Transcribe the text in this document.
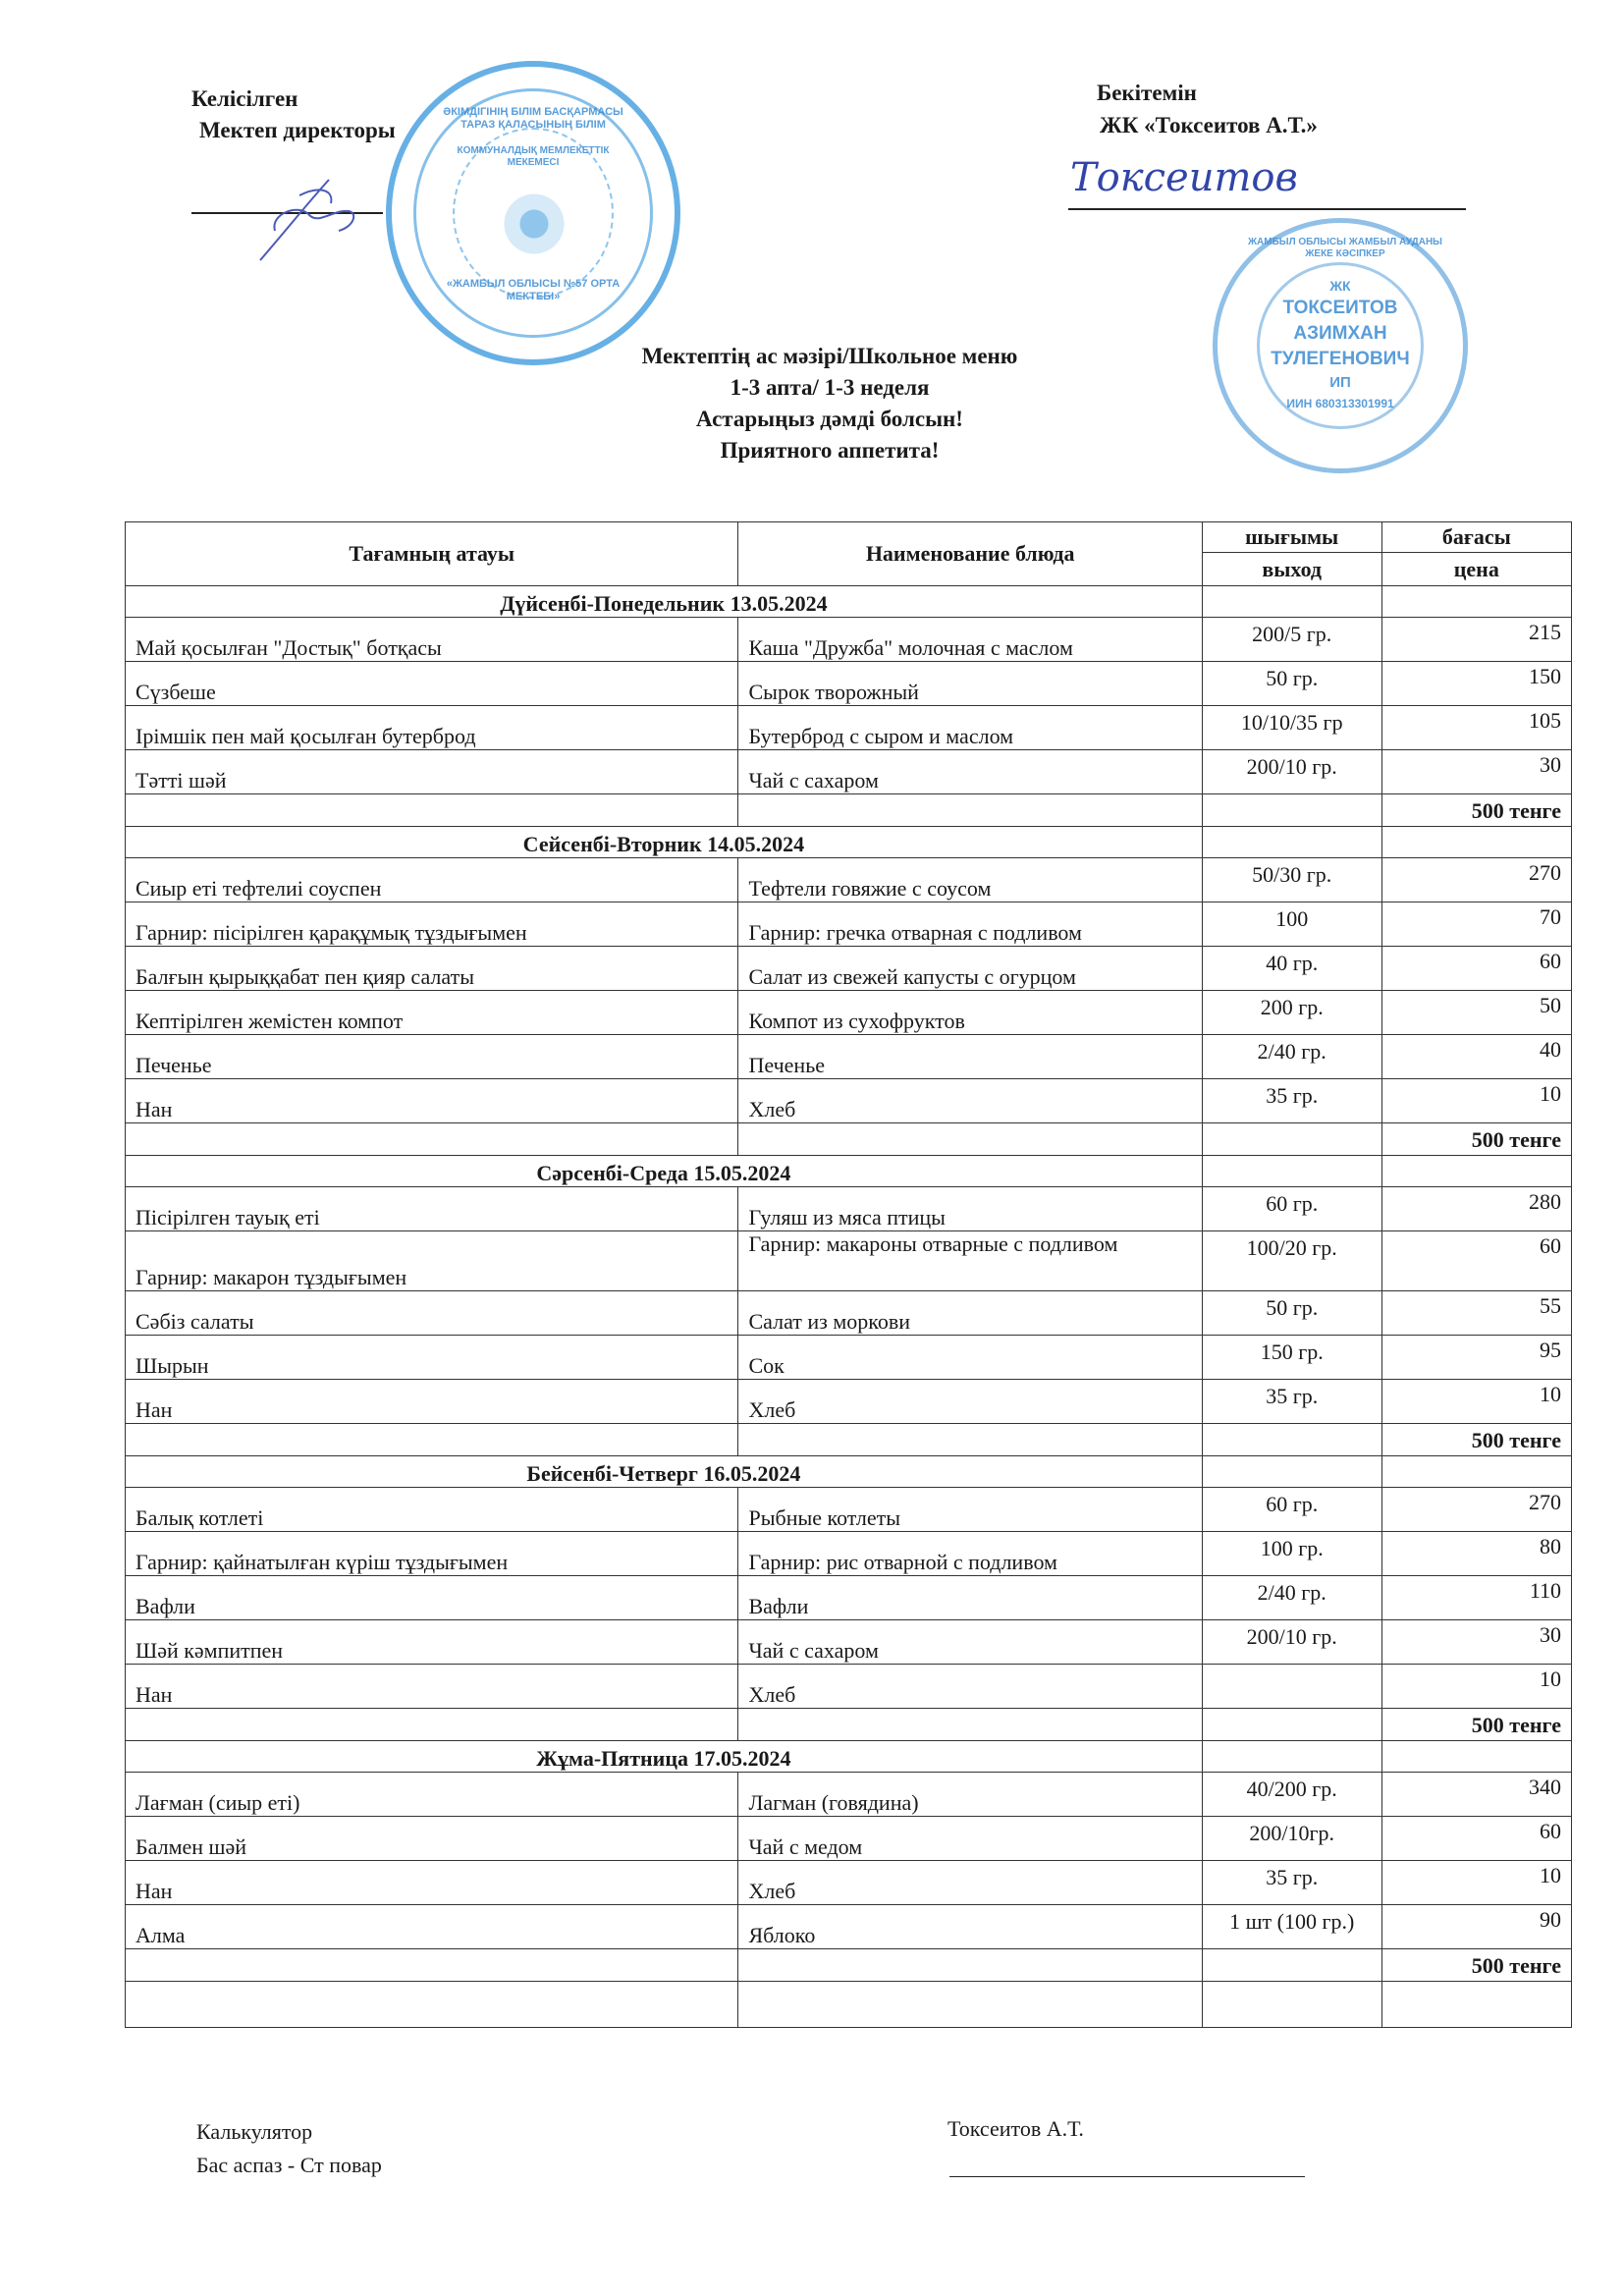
Келісілген
Мектеп директоры
ӘКІМДІГІНІҢ БІЛІМ БАСҚАРМАСЫ ТАРАЗ ҚАЛАСЫНЫҢ БІЛІМ
КОММУНАЛДЫҚ МЕМЛЕКЕТТІК МЕКЕМЕСІ
«ЖАМБЫЛ ОБЛЫСЫ №57 ОРТА МЕКТЕБІ»
Бекітемін
ЖК «Токсеитов А.Т.»
Токсеитов
ЖАМБЫЛ ОБЛЫСЫ ЖАМБЫЛ АУДАНЫ ЖЕКЕ КӘСІПКЕР
ЖК
ТОКСЕИТОВ
АЗИМХАН
ТУЛЕГЕНОВИЧ
ИП
ИИН 680313301991
Мектептің ас мәзірі/Школьное меню
1-3 апта/ 1-3 неделя
Астарыңыз дәмді болсын!
Приятного аппетита!
Тағамның атауы	Наименование блюда	шығымы	бағасы
		выход	цена
Дүйсенбі-Понедельник 13.05.2024			
Май қосылған "Достық" ботқасы	Каша "Дружба" молочная с маслом	200/5 гр.	215
Сүзбеше	Сырок творожный	50 гр.	150
Ірімшік пен май қосылған бутерброд	Бутерброд с сыром и маслом	10/10/35 гр	105
Тәтті шәй	Чай с сахаром	200/10 гр.	30
			500 тенге
Сейсенбі-Вторник 14.05.2024			
Сиыр еті тефтелиі соуспен	Тефтели говяжие с соусом	50/30 гр.	270
Гарнир: пісірілген қарақұмық тұздығымен	Гарнир: гречка отварная с подливом	100	70
Балғын қырыққабат пен қияр салаты	Салат из свежей капусты с огурцом	40 гр.	60
Кептірілген жемістен компот	Компот из сухофруктов	200 гр.	50
Печенье	Печенье	2/40 гр.	40
Нан	Хлеб	35 гр.	10
			500 тенге
Сәрсенбі-Среда 15.05.2024			
Пісірілген тауық еті	Гуляш из мяса птицы	60 гр.	280
Гарнир: макарон тұздығымен	Гарнир: макароны отварные с подливом	100/20 гр.	60
Сәбіз салаты	Салат из моркови	50 гр.	55
Шырын	Сок	150 гр.	95
Нан	Хлеб	35 гр.	10
			500 тенге
Бейсенбі-Четверг 16.05.2024			
Балық котлеті	Рыбные котлеты	60 гр.	270
Гарнир: қайнатылған күріш тұздығымен	Гарнир: рис отварной с подливом	100 гр.	80
Вафли	Вафли	2/40 гр.	110
Шәй кәмпитпен	Чай с сахаром	200/10 гр.	30
Нан	Хлеб		10
			500 тенге
Жұма-Пятница 17.05.2024			
Лағман (сиыр еті)	Лагман (говядина)	40/200 гр.	340
Балмен шәй	Чай с медом	200/10гр.	60
Нан	Хлеб	35 гр.	10
Алма	Яблоко	1 шт (100 гр.)	90
			500 тенге

Калькулятор
Бас аспаз - Ст повар
Токсеитов А.Т.
